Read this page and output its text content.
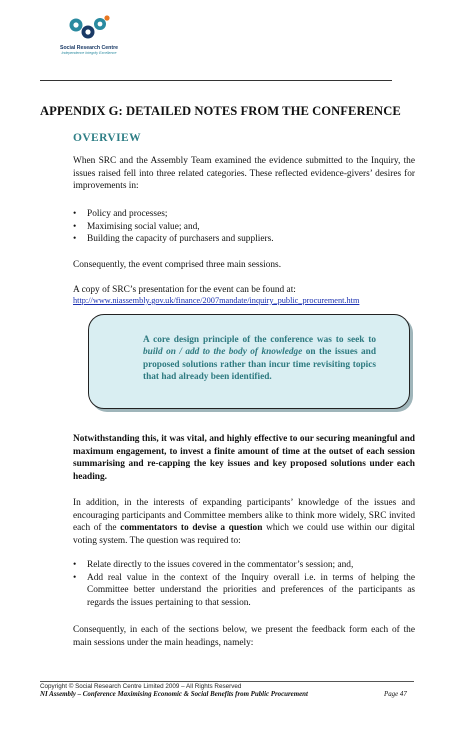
Social Research Centre
Independence Integrity Excellence
APPENDIX G: DETAILED NOTES FROM THE CONFERENCE
OVERVIEW

When SRC and the Assembly Team examined the evidence submitted to the Inquiry, the issues raised fell into three related categories. These reflected evidence-givers’ desires for improvements in:

• Policy and processes;
• Maximising social value; and,
• Building the capacity of purchasers and suppliers.

Consequently, the event comprised three main sessions.

A copy of SRC’s presentation for the event can be found at:

http://www.niassembly.gov.uk/finance/2007mandate/inquiry_public_procurement.htm

A core design principle of the conference was to seek to build on / add to the body of knowledge on the issues and proposed solutions rather than incur time revisiting topics that had already been identified.

Notwithstanding this, it was vital, and highly effective to our securing meaningful and maximum engagement, to invest a finite amount of time at the outset of each session summarising and re-capping the key issues and key proposed solutions under each heading.

In addition, in the interests of expanding participants’ knowledge of the issues and encouraging participants and Committee members alike to think more widely, SRC invited each of the commentators to devise a question which we could use within our digital voting system. The question was required to:

• Relate directly to the issues covered in the commentator’s session; and,
• Add real value in the context of the Inquiry overall i.e. in terms of helping the Committee better understand the priorities and preferences of the participants as regards the issues pertaining to that session.

Consequently, in each of the sections below, we present the feedback form each of the main sessions under the main headings, namely:

Copyright © Social Research Centre Limited 2009 – All Rights Reserved
NI Assembly – Conference Maximising Economic & Social Benefits from Public Procurement	Page 47
